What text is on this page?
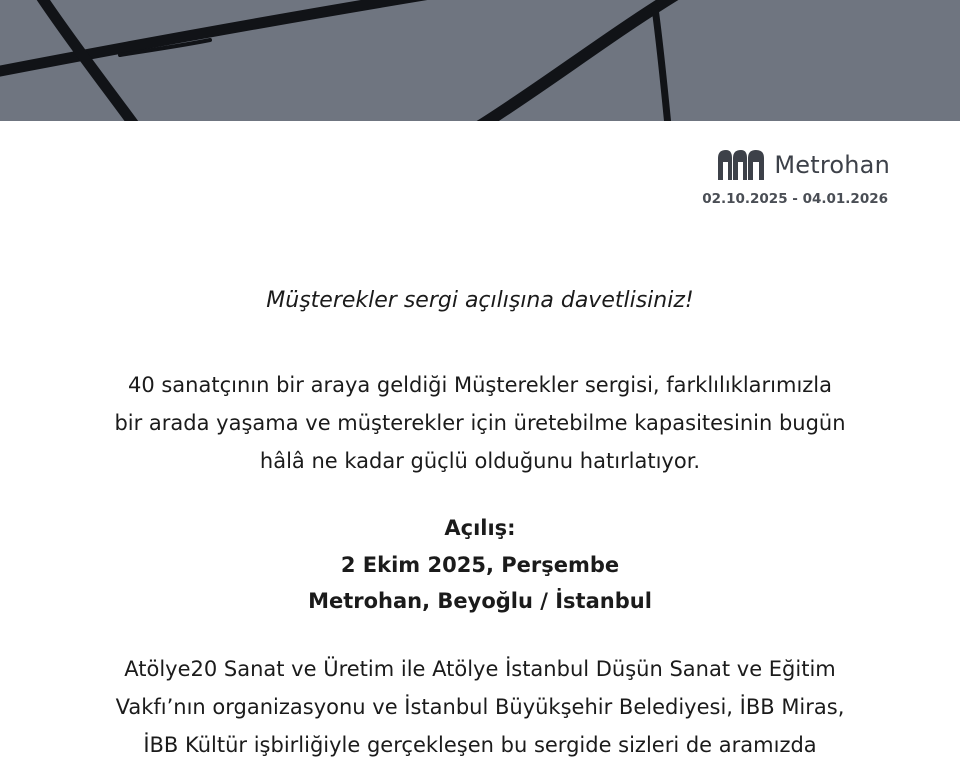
Metrohan
02.10.2025 - 04.01.2026
Müşterekler sergi açılışına davetlisiniz!
40 sanatçının bir araya geldiği Müşterekler sergisi, farklılıklarımızla
bir arada yaşama ve müşterekler için üretebilme kapasitesinin bugün
hâlâ ne kadar güçlü olduğunu hatırlatıyor.
Açılış:
2 Ekim 2025, Perşembe
Metrohan, Beyoğlu / İstanbul
Atölye20 Sanat ve Üretim ile Atölye İstanbul Düşün Sanat ve Eğitim
Vakfı’nın organizasyonu ve İstanbul Büyükşehir Belediyesi, İBB Miras,
İBB Kültür işbirliğiyle gerçekleşen bu sergide sizleri de aramızda
